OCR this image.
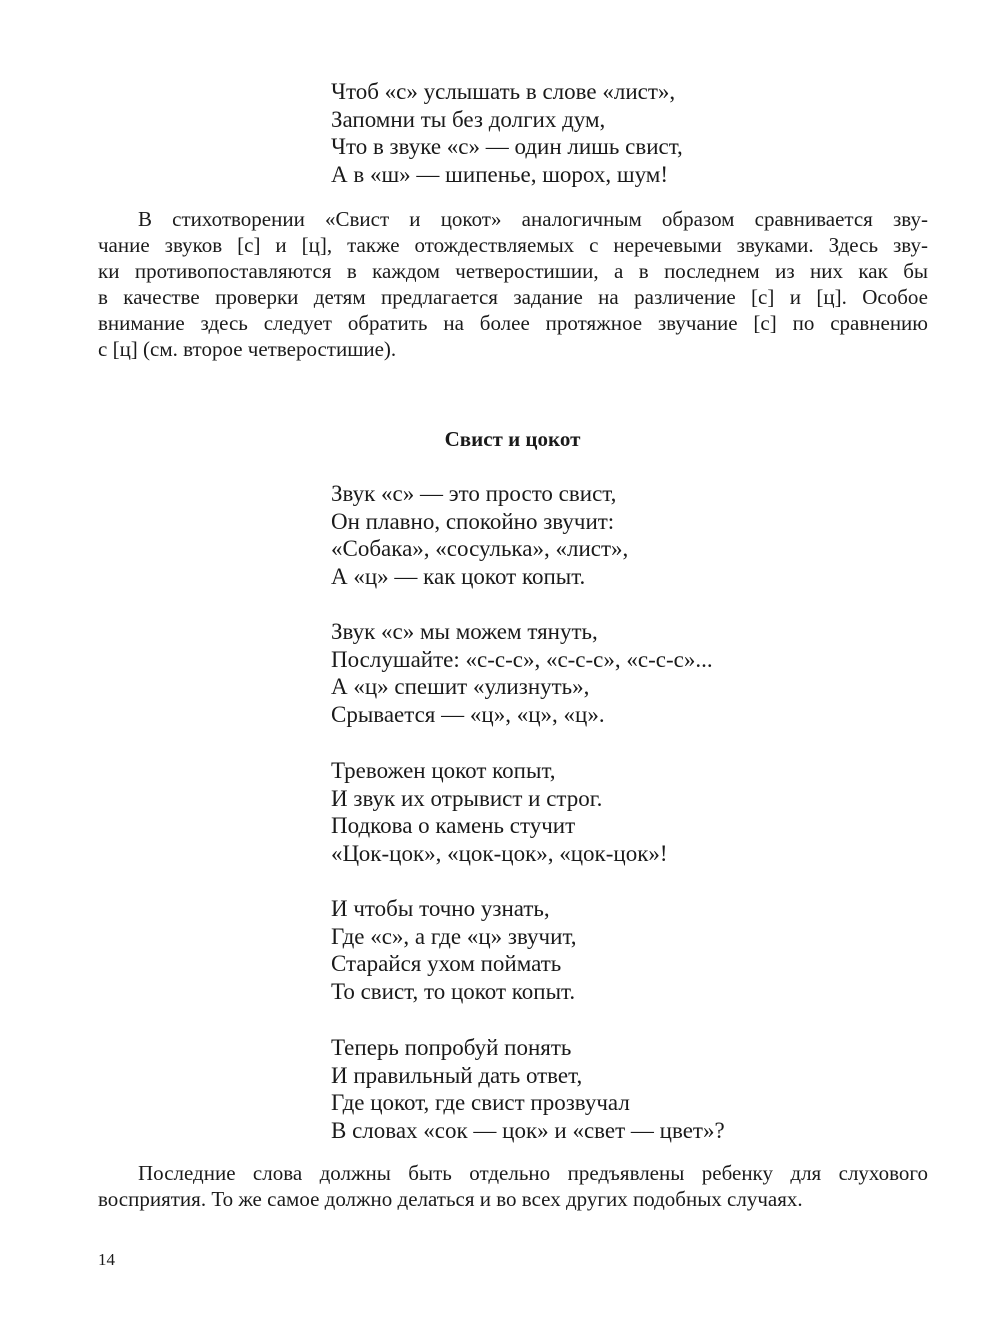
Чтоб «с» услышать в слове «лист»,
Запомни ты без долгих дум,
Что в звуке «с» — один лишь свист,
А в «ш» — шипенье, шорох, шум!
В стихотворении «Свист и цокот» аналогичным образом сравнивается зву-
чание звуков [с] и [ц], также отождествляемых с неречевыми звуками. Здесь зву-
ки противопоставляются в каждом четверостишии, а в последнем из них как бы
в качестве проверки детям предлагается задание на различение [с] и [ц]. Особое
внимание здесь следует обратить на более протяжное звучание [с] по сравнению
с [ц] (см. второе четверостишие).
Свист и цокот
Звук «с» — это просто свист,
Он плавно, спокойно звучит:
«Собака», «сосулька», «лист»,
А «ц» — как цокот копыт.
Звук «с» мы можем тянуть,
Послушайте: «с-с-с», «с-с-с», «с-с-с»...
А «ц» спешит «улизнуть»,
Срывается — «ц», «ц», «ц».
Тревожен цокот копыт,
И звук их отрывист и строг.
Подкова о камень стучит
«Цок-цок», «цок-цок», «цок-цок»!
И чтобы точно узнать,
Где «с», а где «ц» звучит,
Старайся ухом поймать
То свист, то цокот копыт.
Теперь попробуй понять
И правильный дать ответ,
Где цокот, где свист прозвучал
В словах «сок — цок» и «свет — цвет»?
Последние слова должны быть отдельно предъявлены ребенку для слухового
восприятия. То же самое должно делаться и во всех других подобных случаях.
14
